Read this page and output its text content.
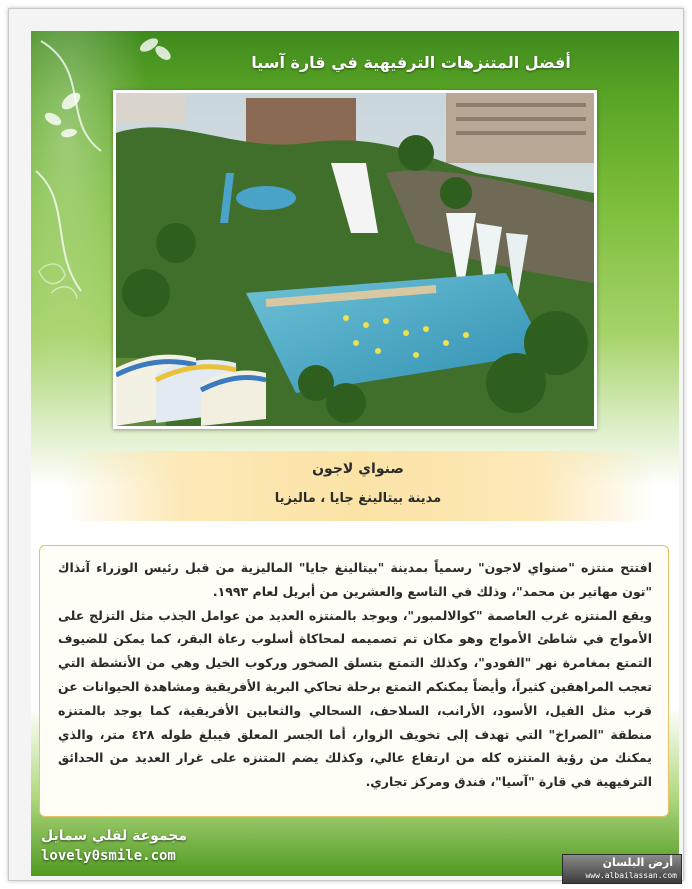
أفضل المتنزهات الترفيهية في قارة آسيا
صنواي لاجون
مدينة بيتالينغ جايا ، ماليزيا

افتتح منتزه "صنواي لاجون" رسمياً بمدينة "بيتالينغ جايا" الماليزية من قبل رئيس الوزراء آنذاك "تون مهاتير بن محمد"، وذلك في التاسع والعشرين من أبريل لعام ١٩٩٣.

ويقع المنتزه غرب العاصمة "كوالالمبور"، ويوجد بالمنتزه العديد من عوامل الجذب مثل التزلج على الأمواج في شاطئ الأمواج وهو مكان تم تصميمه لمحاكاة أسلوب رعاة البقر، كما يمكن للضيوف التمتع بمغامرة نهر "الفودو"، وكذلك التمتع بتسلق الصخور وركوب الخيل وهي من الأنشطة التي تعجب المراهقين كثيراً، وأيضاً يمكنكم التمتع برحلة تحاكي البرية الأفريقية ومشاهدة الحيوانات عن قرب مثل الفيل، الأسود، الأرانب، السلاحف، السحالي والثعابين الأفريقية، كما يوجد بالمتنزه منطقة "الصراخ" التي تهدف إلى تخويف الزوار، أما الجسر المعلق فيبلغ طوله ٤٢٨ متر، والذي يمكنك من رؤية المتنزه كله من ارتفاع عالي، وكذلك يضم المتنزه على غرار العديد من الحدائق الترفيهية في قارة "آسيا"، فندق ومركز تجاري.

مجموعة لفلي سمايل
lovely0smile.com	أرض البلسان
www.albailassan.com
